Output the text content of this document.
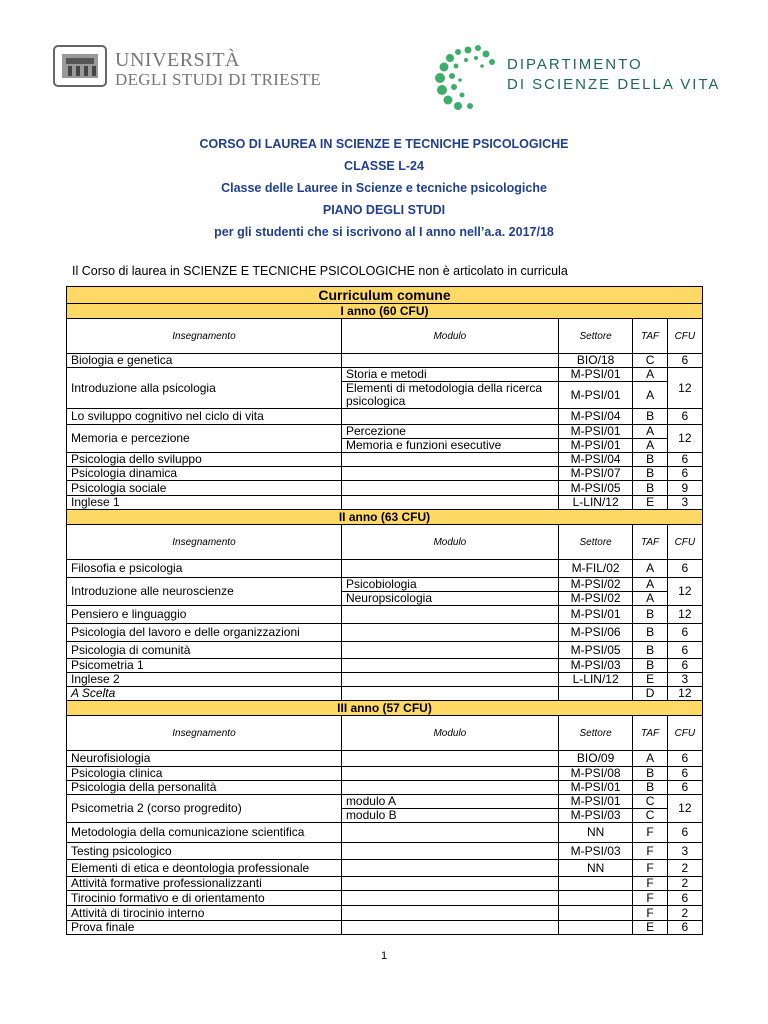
UNIVERSITÀ
DEGLI STUDI DI TRIESTE
DIPARTIMENTO
DI SCIENZE DELLA VITA
CORSO DI LAUREA IN SCIENZE E TECNICHE PSICOLOGICHE
CLASSE L-24
Classe delle Lauree in Scienze e tecniche psicologiche
PIANO DEGLI STUDI
per gli studenti che si iscrivono al I anno nell’a.a. 2017/18
Il Corso di laurea in SCIENZE E TECNICHE PSICOLOGICHE non è articolato in curricula
Curriculum comune				
I anno (60 CFU)				
Insegnamento	Modulo	Settore	TAF	CFU
Biologia e genetica		BIO/18	C	6
Introduzione alla psicologia	Storia e metodi	M-PSI/01	A	12
	Elementi di metodologia della ricerca psicologica	M-PSI/01	A	
Lo sviluppo cognitivo nel ciclo di vita		M-PSI/04	B	6
Memoria e percezione	Percezione	M-PSI/01	A	12
	Memoria e funzioni esecutive	M-PSI/01	A	
Psicologia dello sviluppo		M-PSI/04	B	6
Psicologia dinamica		M-PSI/07	B	6
Psicologia sociale		M-PSI/05	B	9
Inglese 1		L-LIN/12	E	3
II anno (63 CFU)				
Insegnamento	Modulo	Settore	TAF	CFU
Filosofia e psicologia		M-FIL/02	A	6
Introduzione alle neuroscienze	Psicobiologia	M-PSI/02	A	12
	Neuropsicologia	M-PSI/02	A	
Pensiero e linguaggio		M-PSI/01	B	12
Psicologia del lavoro e delle organizzazioni		M-PSI/06	B	6
Psicologia di comunità		M-PSI/05	B	6
Psicometria 1		M-PSI/03	B	6
Inglese 2		L-LIN/12	E	3
A Scelta			D	12
III anno (57 CFU)				
Insegnamento	Modulo	Settore	TAF	CFU
Neurofisiologia		BIO/09	A	6
Psicologia clinica		M-PSI/08	B	6
Psicologia della personalità		M-PSI/01	B	6
Psicometria 2 (corso progredito)	modulo A	M-PSI/01	C	12
	modulo B	M-PSI/03	C	
Metodologia della comunicazione scientifica		NN	F	6
Testing psicologico		M-PSI/03	F	3
Elementi di etica e deontologia professionale		NN	F	2
Attività formative professionalizzanti			F	2
Tirocinio formativo e di orientamento			F	6
Attività di tirocinio interno			F	2
Prova finale			E	6
1
